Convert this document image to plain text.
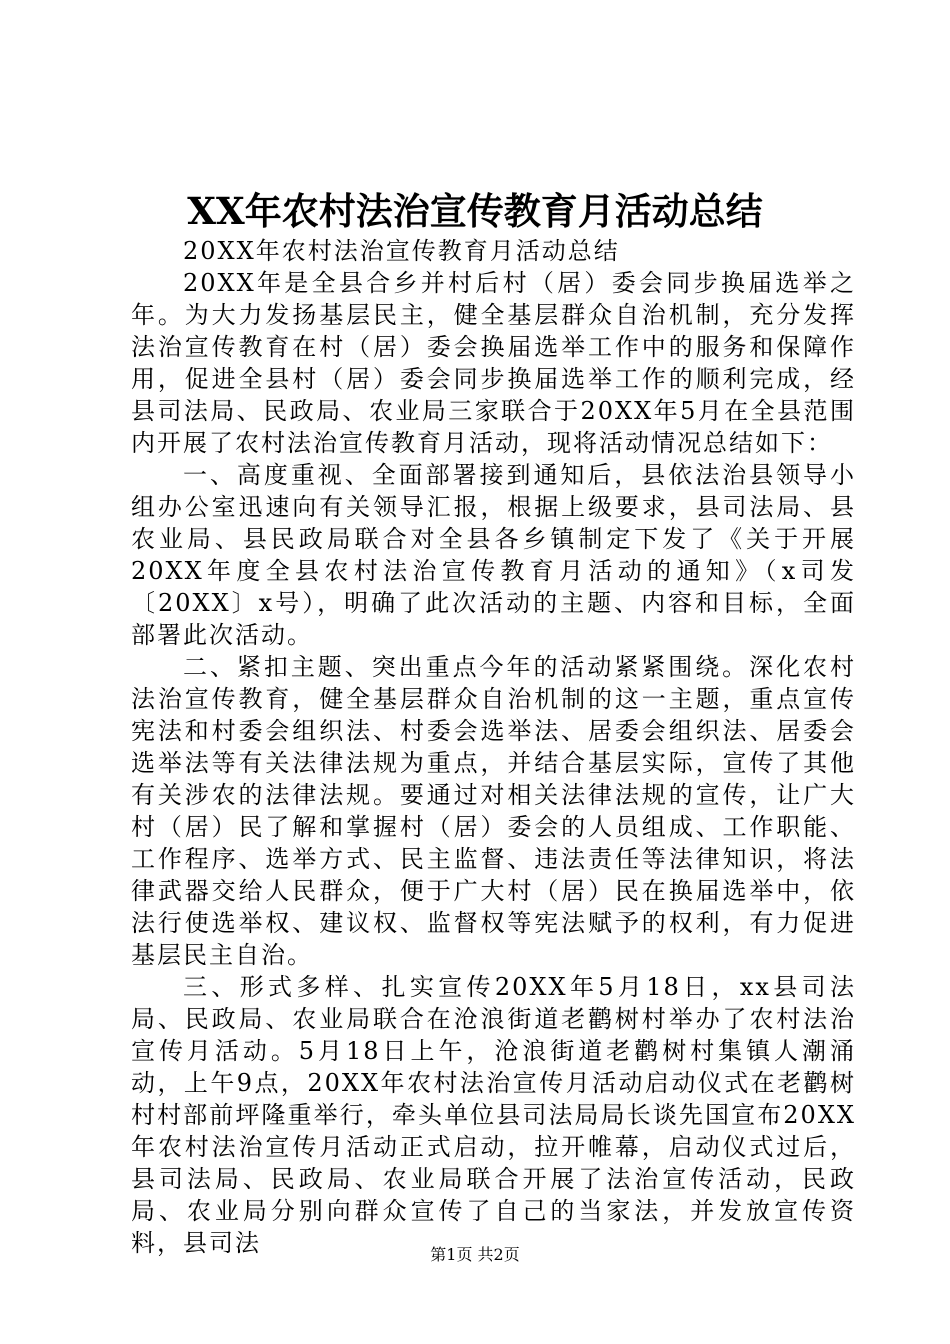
XX年农村法治宣传教育月活动总结

20XX年农村法治宣传教育月活动总结

20XX年是全县合乡并村后村（居）委会同步换届选举之年。为大力发扬基层民主，健全基层群众自治机制，充分发挥法治宣传教育在村（居）委会换届选举工作中的服务和保障作用，促进全县村（居）委会同步换届选举工作的顺利完成，经县司法局、民政局、农业局三家联合于20XX年5月在全县范围内开展了农村法治宣传教育月活动，现将活动情况总结如下：

一、高度重视、全面部署接到通知后，县依法治县领导小组办公室迅速向有关领导汇报，根据上级要求，县司法局、县农业局、县民政局联合对全县各乡镇制定下发了《关于开展20XX年度全县农村法治宣传教育月活动的通知》（x司发〔20XX〕x号），明确了此次活动的主题、内容和目标，全面部署此次活动。

二、紧扣主题、突出重点今年的活动紧紧围绕。深化农村法治宣传教育，健全基层群众自治机制的这一主题，重点宣传宪法和村委会组织法、村委会选举法、居委会组织法、居委会选举法等有关法律法规为重点，并结合基层实际，宣传了其他有关涉农的法律法规。要通过对相关法律法规的宣传，让广大村（居）民了解和掌握村（居）委会的人员组成、工作职能、工作程序、选举方式、民主监督、违法责任等法律知识，将法律武器交给人民群众，便于广大村（居）民在换届选举中，依法行使选举权、建议权、监督权等宪法赋予的权利，有力促进基层民主自治。

三、形式多样、扎实宣传20XX年5月18日，xx县司法局、民政局、农业局联合在沧浪街道老鹳树村举办了农村法治宣传月活动。5月18日上午，沧浪街道老鹳树村集镇人潮涌动，上午9点，20XX年农村法治宣传月活动启动仪式在老鹳树村村部前坪隆重举行，牵头单位县司法局局长谈先国宣布20XX年农村法治宣传月活动正式启动，拉开帷幕，启动仪式过后，县司法局、民政局、农业局联合开展了法治宣传活动，民政局、农业局分别向群众宣传了自己的当家法，并发放宣传资料，县司法	第1页 共2页
